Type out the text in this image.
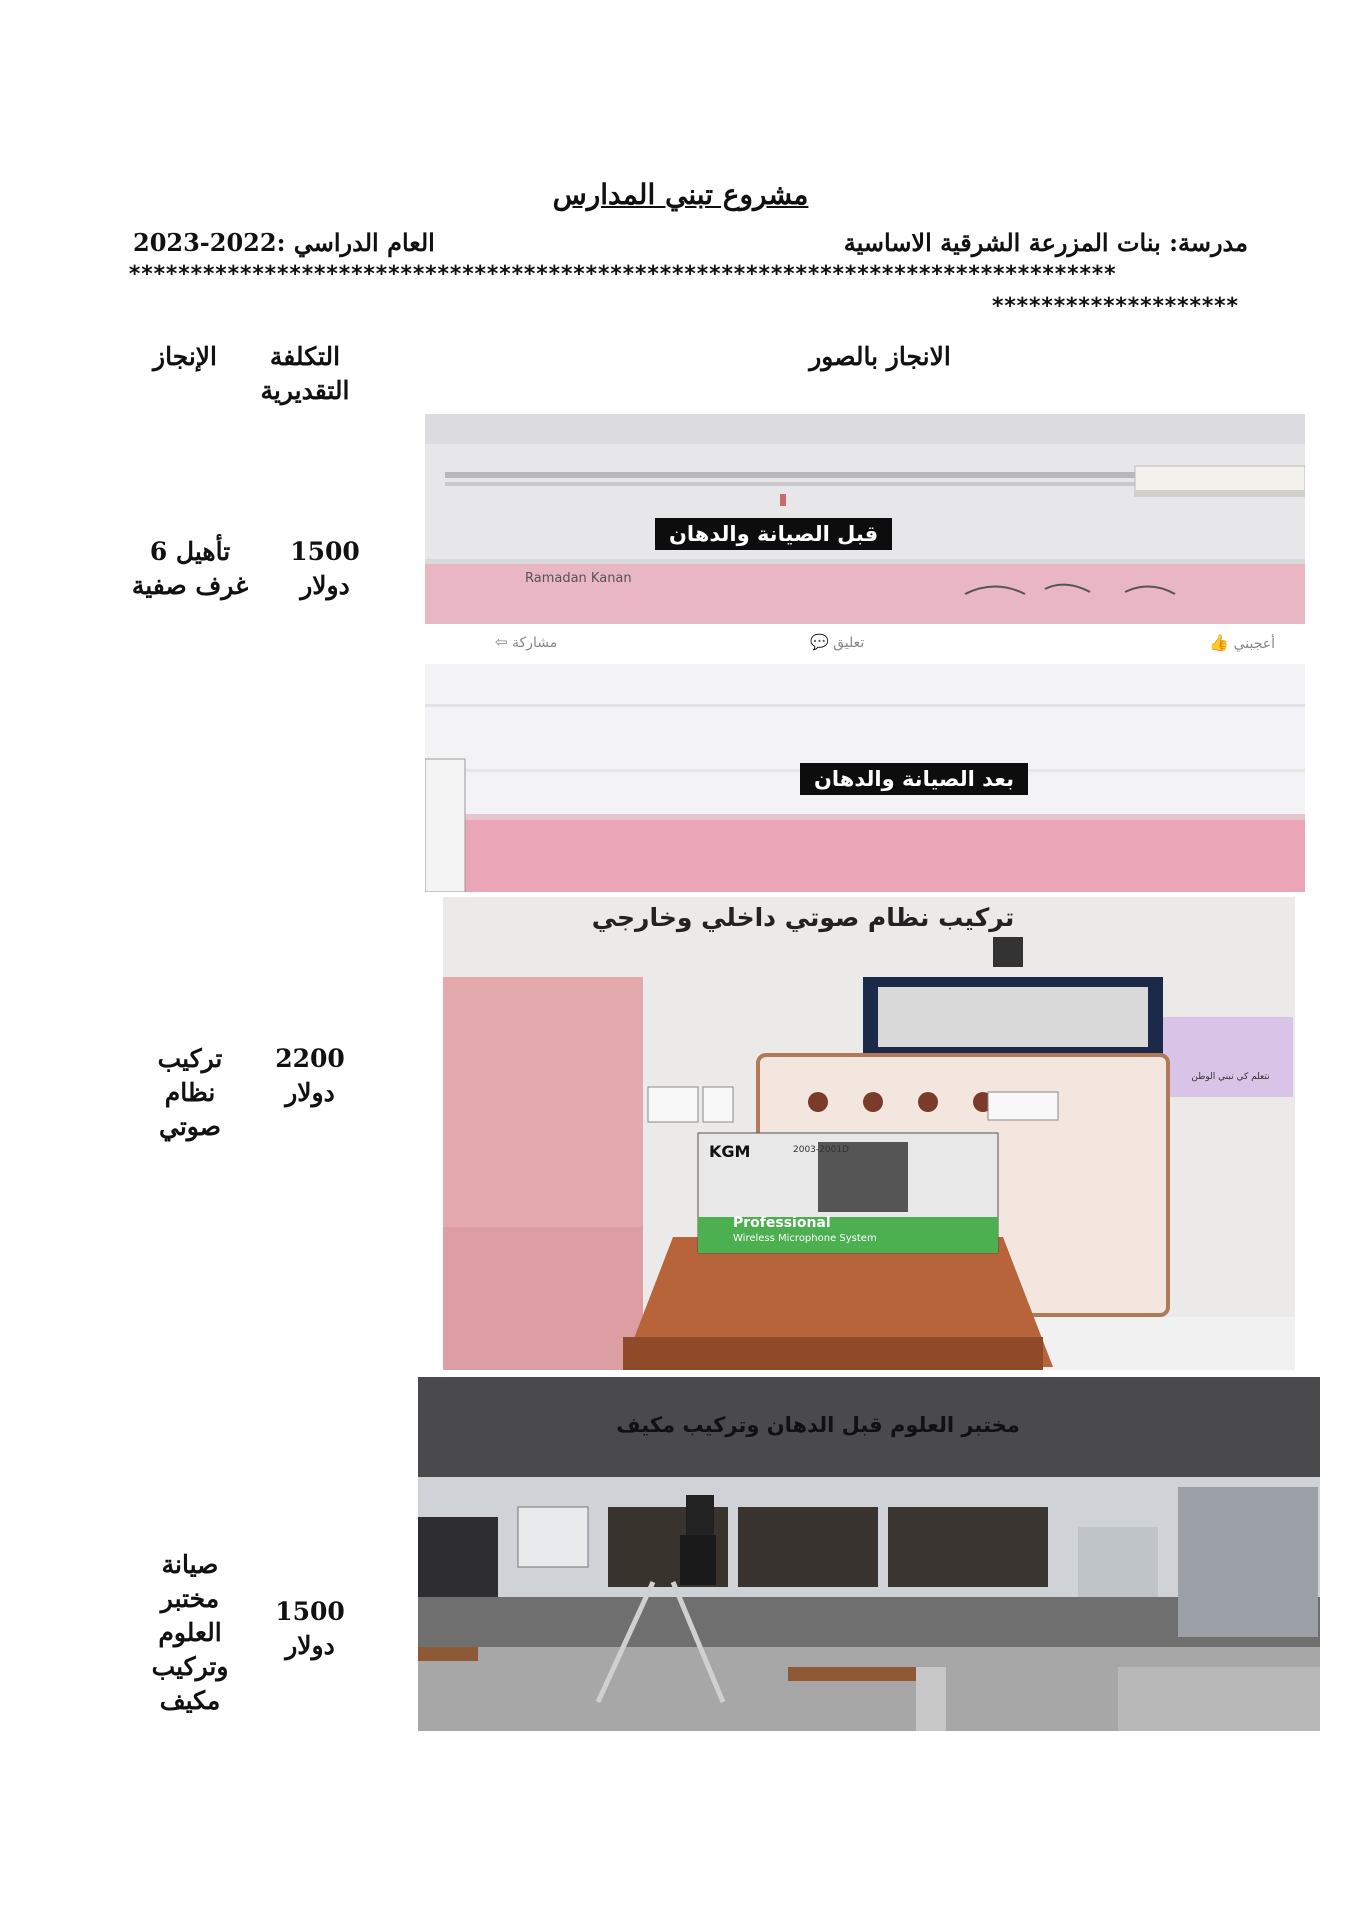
مشروع تبني المدارس
مدرسة: بنات المزرعة الشرقية الاساسية
العام الدراسي :2022-2023
********************************************************************************
********************
الانجاز بالصور
التكلفة التقديرية
الإنجاز
تأهيل 6 غرف صفية
1500
دولار
تركيب نظام صوتي
2200
دولار
صيانة مختبر العلوم وتركيب مكيف
1500
دولار
Ramadan Kanan
قبل الصيانة والدهان
أعجبني 👍
تعليق 💬
مشاركة ⇦
بعد الصيانة والدهان
تركيب نظام صوتي داخلي وخارجي
KGM	2003-2001D
Professional
Wireless Microphone System
نتعلم كي نبني الوطن
مختبر العلوم قبل الدهان وتركيب مكيف
